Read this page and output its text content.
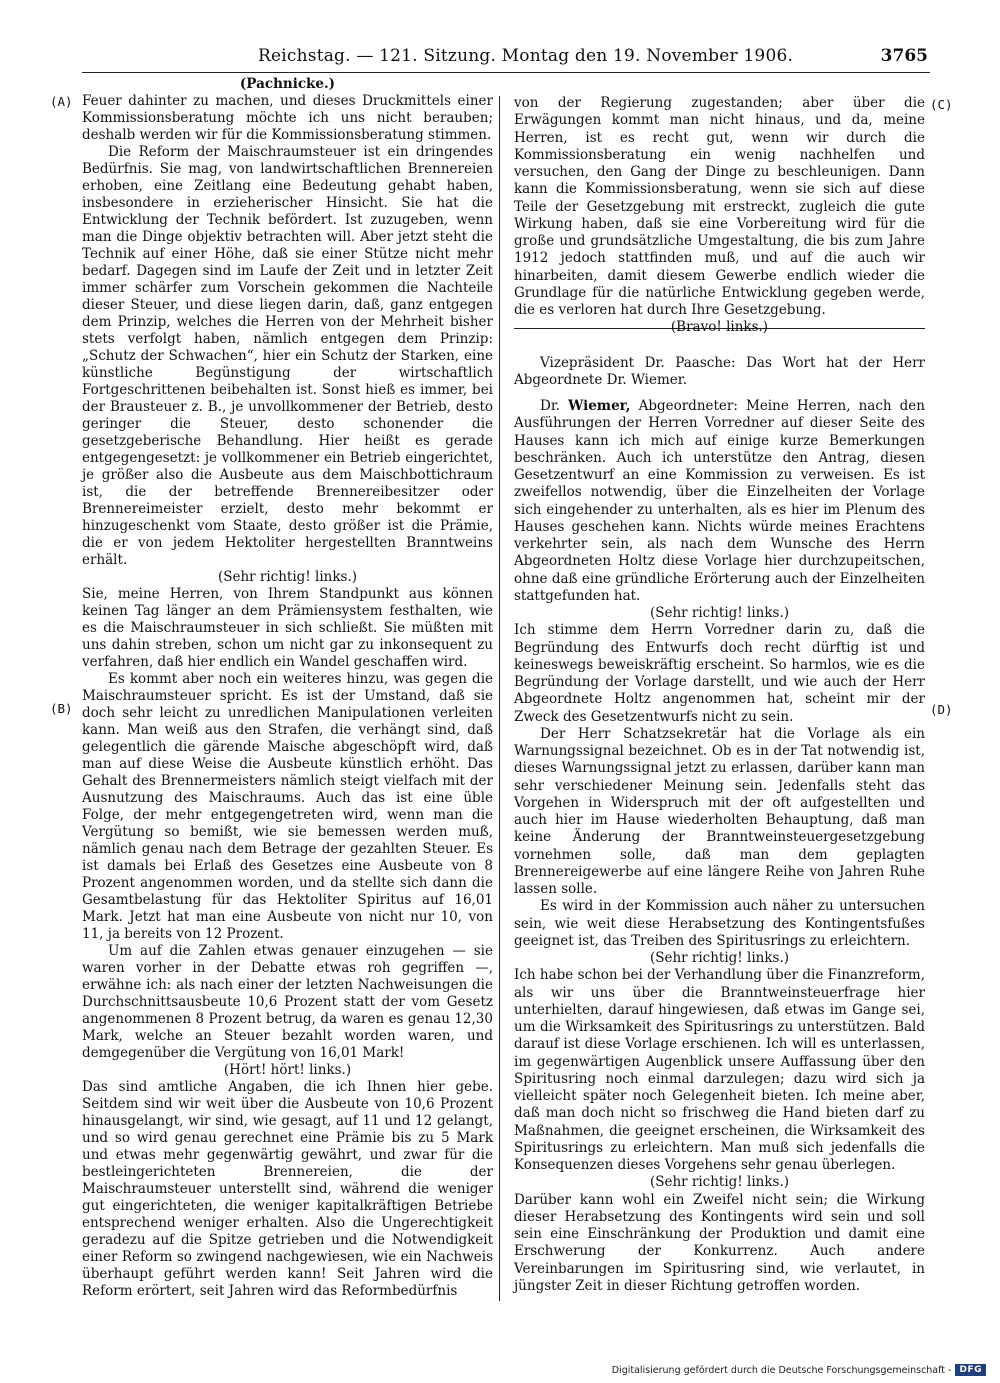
Reichstag. — 121. Sitzung. Montag den 19. November 1906.	3765
(A)
(B)
(C)
(D)

(Pachnicke.)

Feuer dahinter zu machen, und dieses Druckmittels einer Kommissionsberatung möchte ich uns nicht berauben; deshalb werden wir für die Kommissionsberatung stimmen.

Die Reform der Maischraumsteuer ist ein dringendes Bedürfnis. Sie mag, von landwirtschaftlichen Brennereien erhoben, eine Zeitlang eine Bedeutung gehabt haben, insbesondere in erzieherischer Hinsicht. Sie hat die Entwicklung der Technik befördert. Ist zuzugeben, wenn man die Dinge objektiv betrachten will. Aber jetzt steht die Technik auf einer Höhe, daß sie einer Stütze nicht mehr bedarf. Dagegen sind im Laufe der Zeit und in letzter Zeit immer schärfer zum Vorschein gekommen die Nachteile dieser Steuer, und diese liegen darin, daß, ganz entgegen dem Prinzip, welches die Herren von der Mehrheit bisher stets verfolgt haben, nämlich entgegen dem Prinzip: „Schutz der Schwachen“, hier ein Schutz der Starken, eine künstliche Begünstigung der wirtschaftlich Fortgeschrittenen beibehalten ist. Sonst hieß es immer, bei der Brausteuer z. B., je unvollkommener der Betrieb, desto geringer die Steuer, desto schonender die gesetzgeberische Behandlung. Hier heißt es gerade entgegengesetzt: je vollkommener ein Betrieb eingerichtet, je größer also die Ausbeute aus dem Maischbottichraum ist, die der betreffende Brennereibesitzer oder Brennereimeister erzielt, desto mehr bekommt er hinzugeschenkt vom Staate, desto größer ist die Prämie, die er von jedem Hektoliter hergestellten Branntweins erhält.

(Sehr richtig! links.)

Sie, meine Herren, von Ihrem Standpunkt aus können keinen Tag länger an dem Prämiensystem festhalten, wie es die Maischraumsteuer in sich schließt. Sie müßten mit uns dahin streben, schon um nicht gar zu inkonsequent zu verfahren, daß hier endlich ein Wandel geschaffen wird.

Es kommt aber noch ein weiteres hinzu, was gegen die Maischraumsteuer spricht. Es ist der Umstand, daß sie doch sehr leicht zu unredlichen Manipulationen verleiten kann. Man weiß aus den Strafen, die verhängt sind, daß gelegentlich die gärende Maische abgeschöpft wird, daß man auf diese Weise die Ausbeute künstlich erhöht. Das Gehalt des Brennermeisters nämlich steigt vielfach mit der Ausnutzung des Maischraums. Auch das ist eine üble Folge, der mehr entgegengetreten wird, wenn man die Vergütung so bemißt, wie sie bemessen werden muß, nämlich genau nach dem Betrage der gezahlten Steuer. Es ist damals bei Erlaß des Gesetzes eine Ausbeute von 8 Prozent angenommen worden, und da stellte sich dann die Gesamtbelastung für das Hektoliter Spiritus auf 16,01 Mark. Jetzt hat man eine Ausbeute von nicht nur 10, von 11, ja bereits von 12 Prozent.

Um auf die Zahlen etwas genauer einzugehen — sie waren vorher in der Debatte etwas roh gegriffen —, erwähne ich: als nach einer der letzten Nachweisungen die Durchschnittsausbeute 10,6 Prozent statt der vom Gesetz angenommenen 8 Prozent betrug, da waren es genau 12,30 Mark, welche an Steuer bezahlt worden waren, und demgegenüber die Vergütung von 16,01 Mark!

(Hört! hört! links.)

Das sind amtliche Angaben, die ich Ihnen hier gebe. Seitdem sind wir weit über die Ausbeute von 10,6 Prozent hinausgelangt, wir sind, wie gesagt, auf 11 und 12 gelangt, und so wird genau gerechnet eine Prämie bis zu 5 Mark und etwas mehr gegenwärtig gewährt, und zwar für die bestleingerichteten Brennereien, die der Maischraumsteuer unterstellt sind, während die weniger gut eingerichteten, die weniger kapitalkräftigen Betriebe entsprechend weniger erhalten. Also die Ungerechtigkeit geradezu auf die Spitze getrieben und die Notwendigkeit einer Reform so zwingend nachgewiesen, wie ein Nachweis überhaupt geführt werden kann! Seit Jahren wird die Reform erörtert, seit Jahren wird das Reformbedürfnis

von der Regierung zugestanden; aber über die Erwägungen kommt man nicht hinaus, und da, meine Herren, ist es recht gut, wenn wir durch die Kommissionsberatung ein wenig nachhelfen und versuchen, den Gang der Dinge zu beschleunigen. Dann kann die Kommissionsberatung, wenn sie sich auf diese Teile der Gesetzgebung mit erstreckt, zugleich die gute Wirkung haben, daß sie eine Vorbereitung wird für die große und grundsätzliche Umgestaltung, die bis zum Jahre 1912 jedoch stattfinden muß, und auf die auch wir hinarbeiten, damit diesem Gewerbe endlich wieder die Grundlage für die natürliche Entwicklung gegeben werde, die es verloren hat durch Ihre Gesetzgebung.

(Bravo! links.)

Vizepräsident Dr. Paasche: Das Wort hat der Herr Abgeordnete Dr. Wiemer.

Dr. Wiemer, Abgeordneter: Meine Herren, nach den Ausführungen der Herren Vorredner auf dieser Seite des Hauses kann ich mich auf einige kurze Bemerkungen beschränken. Auch ich unterstütze den Antrag, diesen Gesetzentwurf an eine Kommission zu verweisen. Es ist zweifellos notwendig, über die Einzelheiten der Vorlage sich eingehender zu unterhalten, als es hier im Plenum des Hauses geschehen kann. Nichts würde meines Erachtens verkehrter sein, als nach dem Wunsche des Herrn Abgeordneten Holtz diese Vorlage hier durchzupeitschen, ohne daß eine gründliche Erörterung auch der Einzelheiten stattgefunden hat.

(Sehr richtig! links.)

Ich stimme dem Herrn Vorredner darin zu, daß die Begründung des Entwurfs doch recht dürftig ist und keineswegs beweiskräftig erscheint. So harmlos, wie es die Begründung der Vorlage darstellt, und wie auch der Herr Abgeordnete Holtz angenommen hat, scheint mir der Zweck des Gesetzentwurfs nicht zu sein.

Der Herr Schatzsekretär hat die Vorlage als ein Warnungssignal bezeichnet. Ob es in der Tat notwendig ist, dieses Warnungssignal jetzt zu erlassen, darüber kann man sehr verschiedener Meinung sein. Jedenfalls steht das Vorgehen in Widerspruch mit der oft aufgestellten und auch hier im Hause wiederholten Behauptung, daß man keine Änderung der Branntweinsteuergesetzgebung vornehmen solle, daß man dem geplagten Brennereigewerbe auf eine längere Reihe von Jahren Ruhe lassen solle.

Es wird in der Kommission auch näher zu untersuchen sein, wie weit diese Herabsetzung des Kontingentsfußes geeignet ist, das Treiben des Spiritusrings zu erleichtern.

(Sehr richtig! links.)

Ich habe schon bei der Verhandlung über die Finanzreform, als wir uns über die Branntweinsteuerfrage hier unterhielten, darauf hingewiesen, daß etwas im Gange sei, um die Wirksamkeit des Spiritusrings zu unterstützen. Bald darauf ist diese Vorlage erschienen. Ich will es unterlassen, im gegenwärtigen Augenblick unsere Auffassung über den Spiritusring noch einmal darzulegen; dazu wird sich ja vielleicht später noch Gelegenheit bieten. Ich meine aber, daß man doch nicht so frischweg die Hand bieten darf zu Maßnahmen, die geeignet erscheinen, die Wirksamkeit des Spiritusrings zu erleichtern. Man muß sich jedenfalls die Konsequenzen dieses Vorgehens sehr genau überlegen.

(Sehr richtig! links.)

Darüber kann wohl ein Zweifel nicht sein; die Wirkung dieser Herabsetzung des Kontingents wird sein und soll sein eine Einschränkung der Produktion und damit eine Erschwerung der Konkurrenz. Auch andere Vereinbarungen im Spiritusring sind, wie verlautet, in jüngster Zeit in dieser Richtung getroffen worden.

Digitalisierung gefördert durch die Deutsche Forschungsgemeinschaft - DFG
